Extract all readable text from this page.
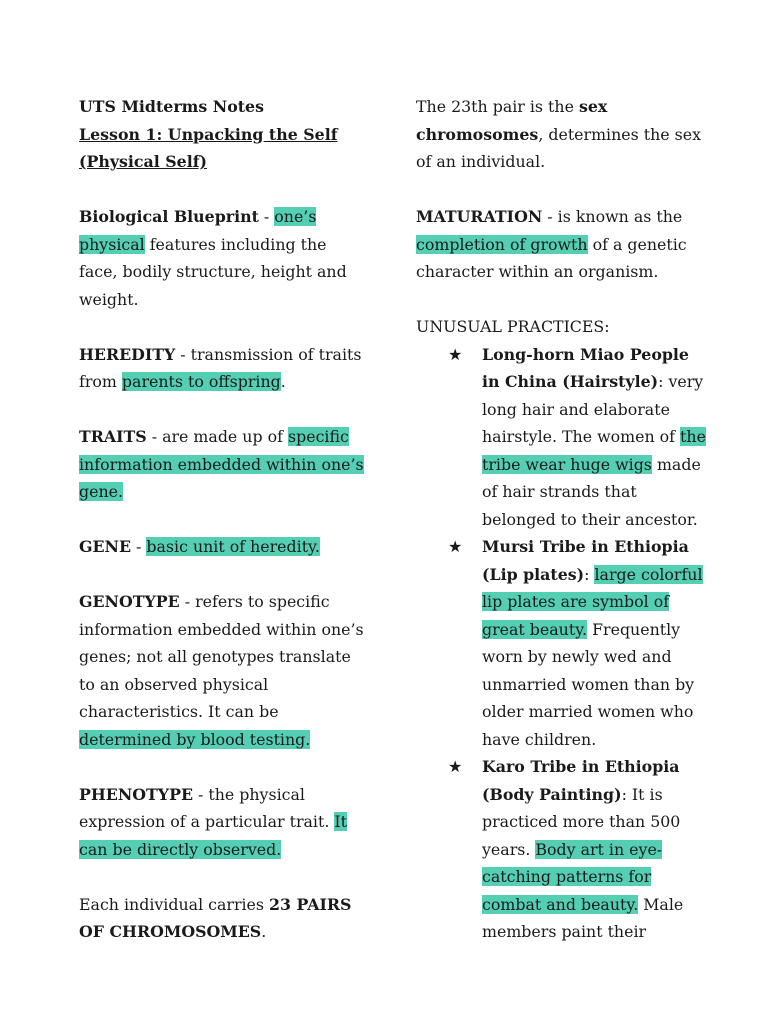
UTS Midterms Notes

Lesson 1: Unpacking the Self (Physical Self)

Biological Blueprint - one’s physical features including the face, bodily structure, height and weight.

HEREDITY - transmission of traits from parents to offspring.

TRAITS - are made up of specific information embedded within one’s gene.

GENE - basic unit of heredity.

GENOTYPE - refers to specific information embedded within one’s genes; not all genotypes translate to an observed physical characteristics. It can be determined by blood testing.

PHENOTYPE - the physical expression of a particular trait. It can be directly observed.

Each individual carries 23 PAIRS OF CHROMOSOMES.

The 23th pair is the sex chromosomes, determines the sex of an individual.

MATURATION - is known as the completion of growth of a genetic character within an organism.

UNUSUAL PRACTICES:

★ Long-horn Miao People in China (Hairstyle): very long hair and elaborate hairstyle. The women of the tribe wear huge wigs made of hair strands that belonged to their ancestor.
★ Mursi Tribe in Ethiopia (Lip plates): large colorful lip plates are symbol of great beauty. Frequently worn by newly wed and unmarried women than by older married women who have children.
★ Karo Tribe in Ethiopia (Body Painting): It is practiced more than 500 years. Body art in eye-catching patterns for combat and beauty. Male members paint their
